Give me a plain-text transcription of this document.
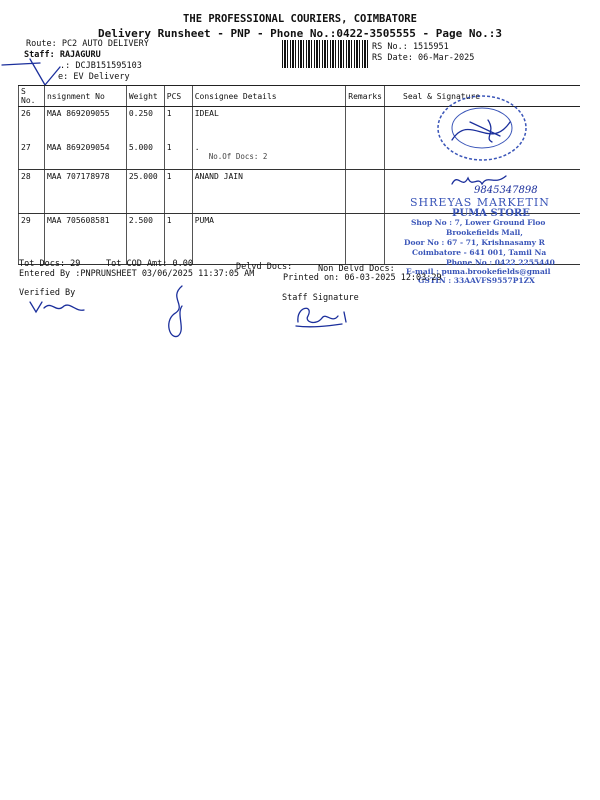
THE PROFESSIONAL COURIERS, COIMBATORE
Delivery Runsheet - PNP - Phone No.:0422-3505555 - Page No.:3
Route: PC2 AUTO DELIVERY
Staff: RAJAGURU
.: DCJB151595103
e: EV Delivery
RS No.: 1515951
RS Date: 06-Mar-2025
S No.	nsignment No	Weight	PCS	Consignee Details	Remarks	Seal & Signature
26	MAA 869209055	0.250	1	IDEAL		
27	MAA 869209054	5.000	1	.
No.Of Docs: 2		

28	MAA 707178978	25.000	1	ANAND JAIN		
29	MAA 705608581	2.500	1	PUMA		
9845347898
SHREYAS MARKETIN
PUMA STORE
Shop No : 7, Lower Ground Floo
Brookefields Mall,
Door No : 67 - 71, Krishnasamy R
Coimbatore - 641 001, Tamil Na
Phone No : 0422 2255440
E-mail : puma.brookefields@gmail
GSTIN : 33AAVFS9557P1ZX
Tot Docs: 29	Tot COD Amt: 0.00	Delvd Docs:	Non Delvd Docs:
Entered By :PNPRUNSHEET 03/06/2025 11:37:05 AM	Printed on: 06-03-2025 12:03:29
Verified By	Staff Signature
